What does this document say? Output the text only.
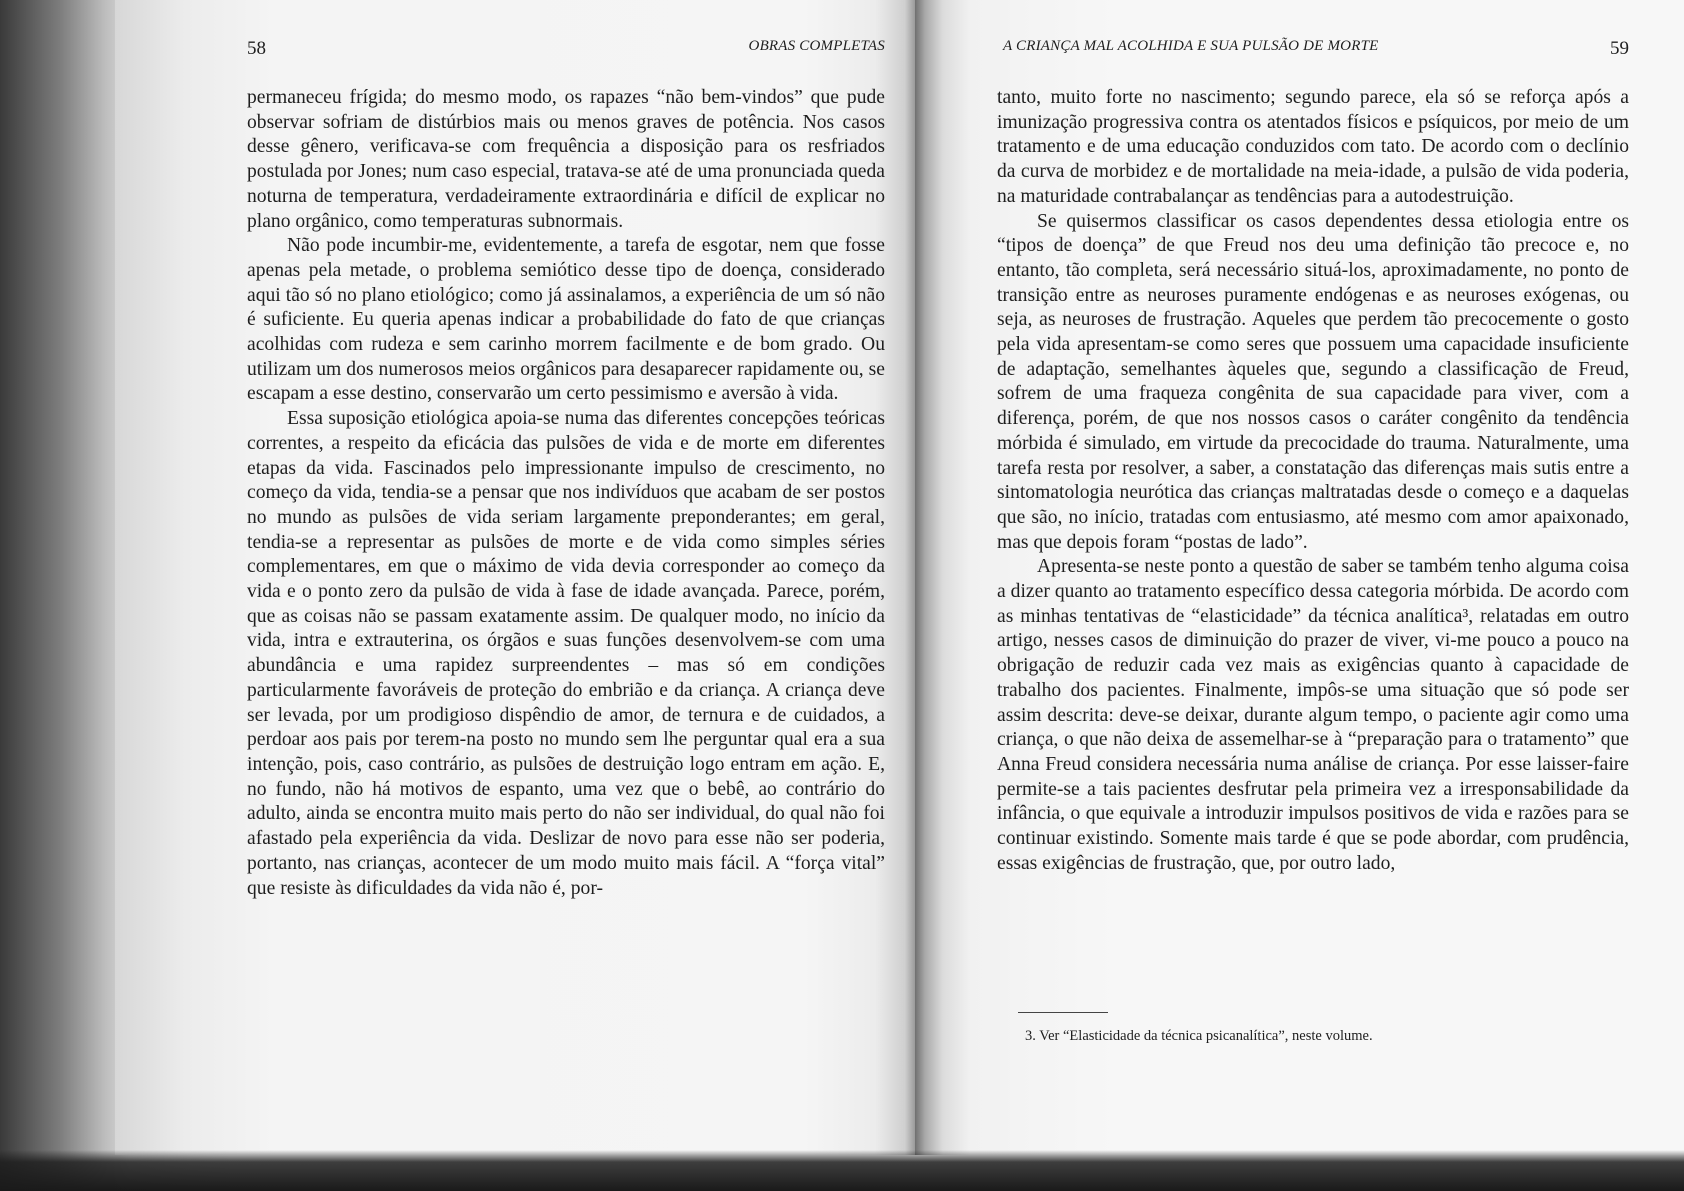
58	OBRAS COMPLETAS

permaneceu frígida; do mesmo modo, os rapazes “não bem-vindos” que pude observar sofriam de distúrbios mais ou menos graves de potência. Nos casos desse gênero, verificava-se com frequência a disposição para os resfriados postulada por Jones; num caso especial, tratava-se até de uma pronunciada queda noturna de temperatura, verdadeiramente extraordinária e difícil de explicar no plano orgânico, como temperaturas subnormais.

Não pode incumbir-me, evidentemente, a tarefa de esgotar, nem que fosse apenas pela metade, o problema semiótico desse tipo de doença, considerado aqui tão só no plano etiológico; como já assinalamos, a experiência de um só não é suficiente. Eu queria apenas indicar a probabilidade do fato de que crianças acolhidas com rudeza e sem carinho morrem facilmente e de bom grado. Ou utilizam um dos numerosos meios orgânicos para desaparecer rapidamente ou, se escapam a esse destino, conservarão um certo pessimismo e aversão à vida.

Essa suposição etiológica apoia-se numa das diferentes concepções teóricas correntes, a respeito da eficácia das pulsões de vida e de morte em diferentes etapas da vida. Fascinados pelo impressionante impulso de crescimento, no começo da vida, tendia-se a pensar que nos indivíduos que acabam de ser postos no mundo as pulsões de vida seriam largamente preponderantes; em geral, tendia-se a representar as pulsões de morte e de vida como simples séries complementares, em que o máximo de vida devia corresponder ao começo da vida e o ponto zero da pulsão de vida à fase de idade avançada. Parece, porém, que as coisas não se passam exatamente assim. De qualquer modo, no início da vida, intra e extrauterina, os órgãos e suas funções desenvolvem-se com uma abundância e uma rapidez surpreendentes – mas só em condições particularmente favoráveis de proteção do embrião e da criança. A criança deve ser levada, por um prodigioso dispêndio de amor, de ternura e de cuidados, a perdoar aos pais por terem-na posto no mundo sem lhe perguntar qual era a sua intenção, pois, caso contrário, as pulsões de destruição logo entram em ação. E, no fundo, não há motivos de espanto, uma vez que o bebê, ao contrário do adulto, ainda se encontra muito mais perto do não ser individual, do qual não foi afastado pela experiência da vida. Deslizar de novo para esse não ser poderia, portanto, nas crianças, acontecer de um modo muito mais fácil. A “força vital” que resiste às dificuldades da vida não é, por-

A CRIANÇA MAL ACOLHIDA E SUA PULSÃO DE MORTE	59

tanto, muito forte no nascimento; segundo parece, ela só se reforça após a imunização progressiva contra os atentados físicos e psíquicos, por meio de um tratamento e de uma educação conduzidos com tato. De acordo com o declínio da curva de morbidez e de mortalidade na meia-idade, a pulsão de vida poderia, na maturidade contrabalançar as tendências para a autodestruição.

Se quisermos classificar os casos dependentes dessa etiologia entre os “tipos de doença” de que Freud nos deu uma definição tão precoce e, no entanto, tão completa, será necessário situá-los, aproximadamente, no ponto de transição entre as neuroses puramente endógenas e as neuroses exógenas, ou seja, as neuroses de frustração. Aqueles que perdem tão precocemente o gosto pela vida apresentam-se como seres que possuem uma capacidade insuficiente de adaptação, semelhantes àqueles que, segundo a classificação de Freud, sofrem de uma fraqueza congênita de sua capacidade para viver, com a diferença, porém, de que nos nossos casos o caráter congênito da tendência mórbida é simulado, em virtude da precocidade do trauma. Naturalmente, uma tarefa resta por resolver, a saber, a constatação das diferenças mais sutis entre a sintomatologia neurótica das crianças maltratadas desde o começo e a daquelas que são, no início, tratadas com entusiasmo, até mesmo com amor apaixonado, mas que depois foram “postas de lado”.

Apresenta-se neste ponto a questão de saber se também tenho alguma coisa a dizer quanto ao tratamento específico dessa categoria mórbida. De acordo com as minhas tentativas de “elasticidade” da técnica analítica³, relatadas em outro artigo, nesses casos de diminuição do prazer de viver, vi-me pouco a pouco na obrigação de reduzir cada vez mais as exigências quanto à capacidade de trabalho dos pacientes. Finalmente, impôs-se uma situação que só pode ser assim descrita: deve-se deixar, durante algum tempo, o paciente agir como uma criança, o que não deixa de assemelhar-se à “preparação para o tratamento” que Anna Freud considera necessária numa análise de criança. Por esse laisser-faire permite-se a tais pacientes desfrutar pela primeira vez a irresponsabilidade da infância, o que equivale a introduzir impulsos positivos de vida e razões para se continuar existindo. Somente mais tarde é que se pode abordar, com prudência, essas exigências de frustração, que, por outro lado,

3. Ver “Elasticidade da técnica psicanalítica”, neste volume.
